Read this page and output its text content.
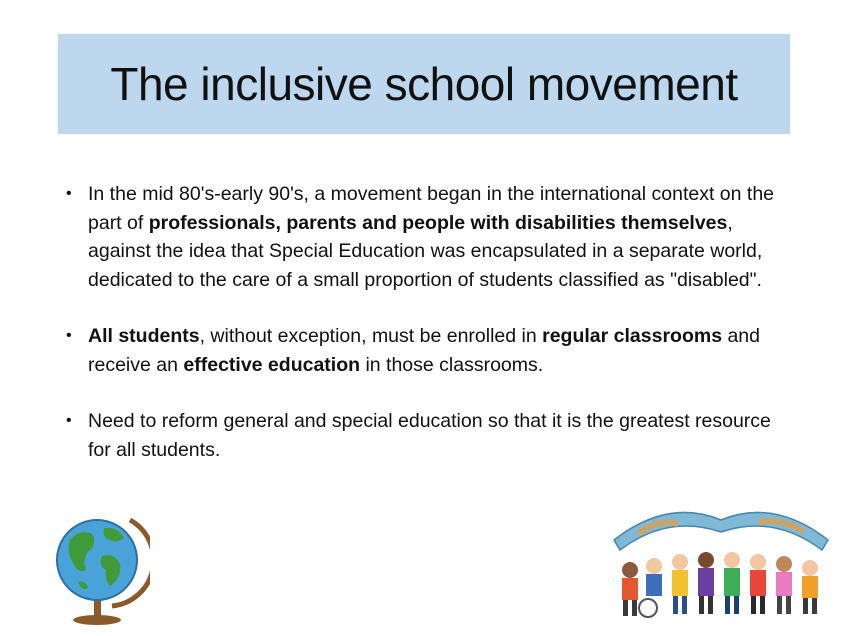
The inclusive school movement
• In the mid 80's-early 90's, a movement began in the international context on the part of professionals, parents and people with disabilities themselves, against the idea that Special Education was encapsulated in a separate world, dedicated to the care of a small proportion of students classified as "disabled".
• All students, without exception, must be enrolled in regular classrooms and receive an effective education in those classrooms.
• Need to reform general and special education so that it is the greatest resource for all students.
